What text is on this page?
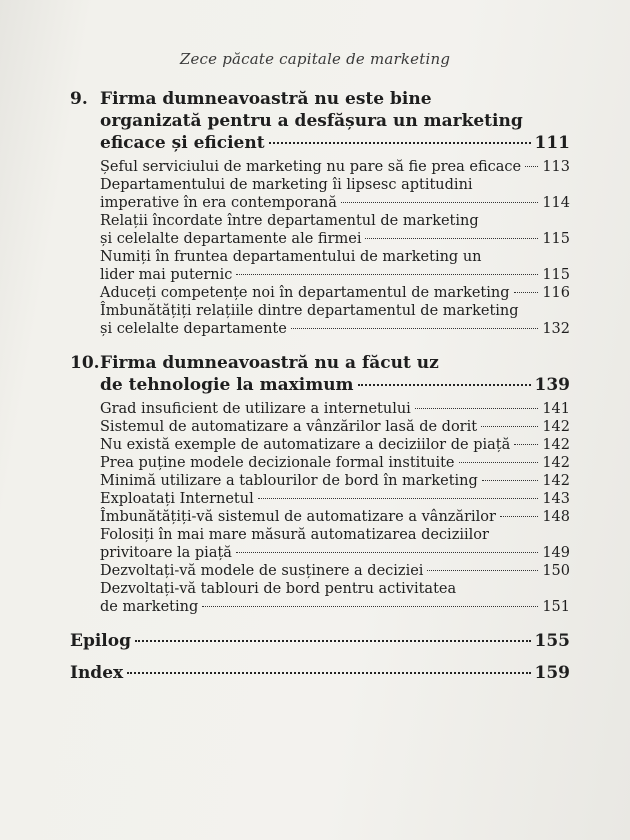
Zece păcate capitale de marketing
9. Firma dumneavoastră nu este bine
organizată pentru a desfășura un marketing
eficace și eficient	111
Șeful serviciului de marketing nu pare să fie prea eficace 113
Departamentului de marketing îi lipsesc aptitudini
imperative în era contemporană	114
Relații încordate între departamentul de marketing
și celelalte departamente ale firmei	115
Numiți în fruntea departamentului de marketing un
lider mai puternic	115
Aduceți competențe noi în departamentul de marketing 116
Îmbunătățiți relațiile dintre departamentul de marketing
și celelalte departamente	132
10. Firma dumneavoastră nu a făcut uz
de tehnologie la maximum	139
Grad insuficient de utilizare a internetului	141
Sistemul de automatizare a vânzărilor lasă de dorit	142
Nu există exemple de automatizare a deciziilor de piață 142
Prea puține modele decizionale formal instituite	142
Minimă utilizare a tablourilor de bord în marketing	142
Exploatați Internetul	143
Îmbunătățiți-vă sistemul de automatizare a vânzărilor	148
Folosiți în mai mare măsură automatizarea deciziilor
privitoare la piață	149
Dezvoltați-vă modele de susținere a deciziei	150
Dezvoltați-vă tablouri de bord pentru activitatea
de marketing	151
Epilog	155
Index	159
